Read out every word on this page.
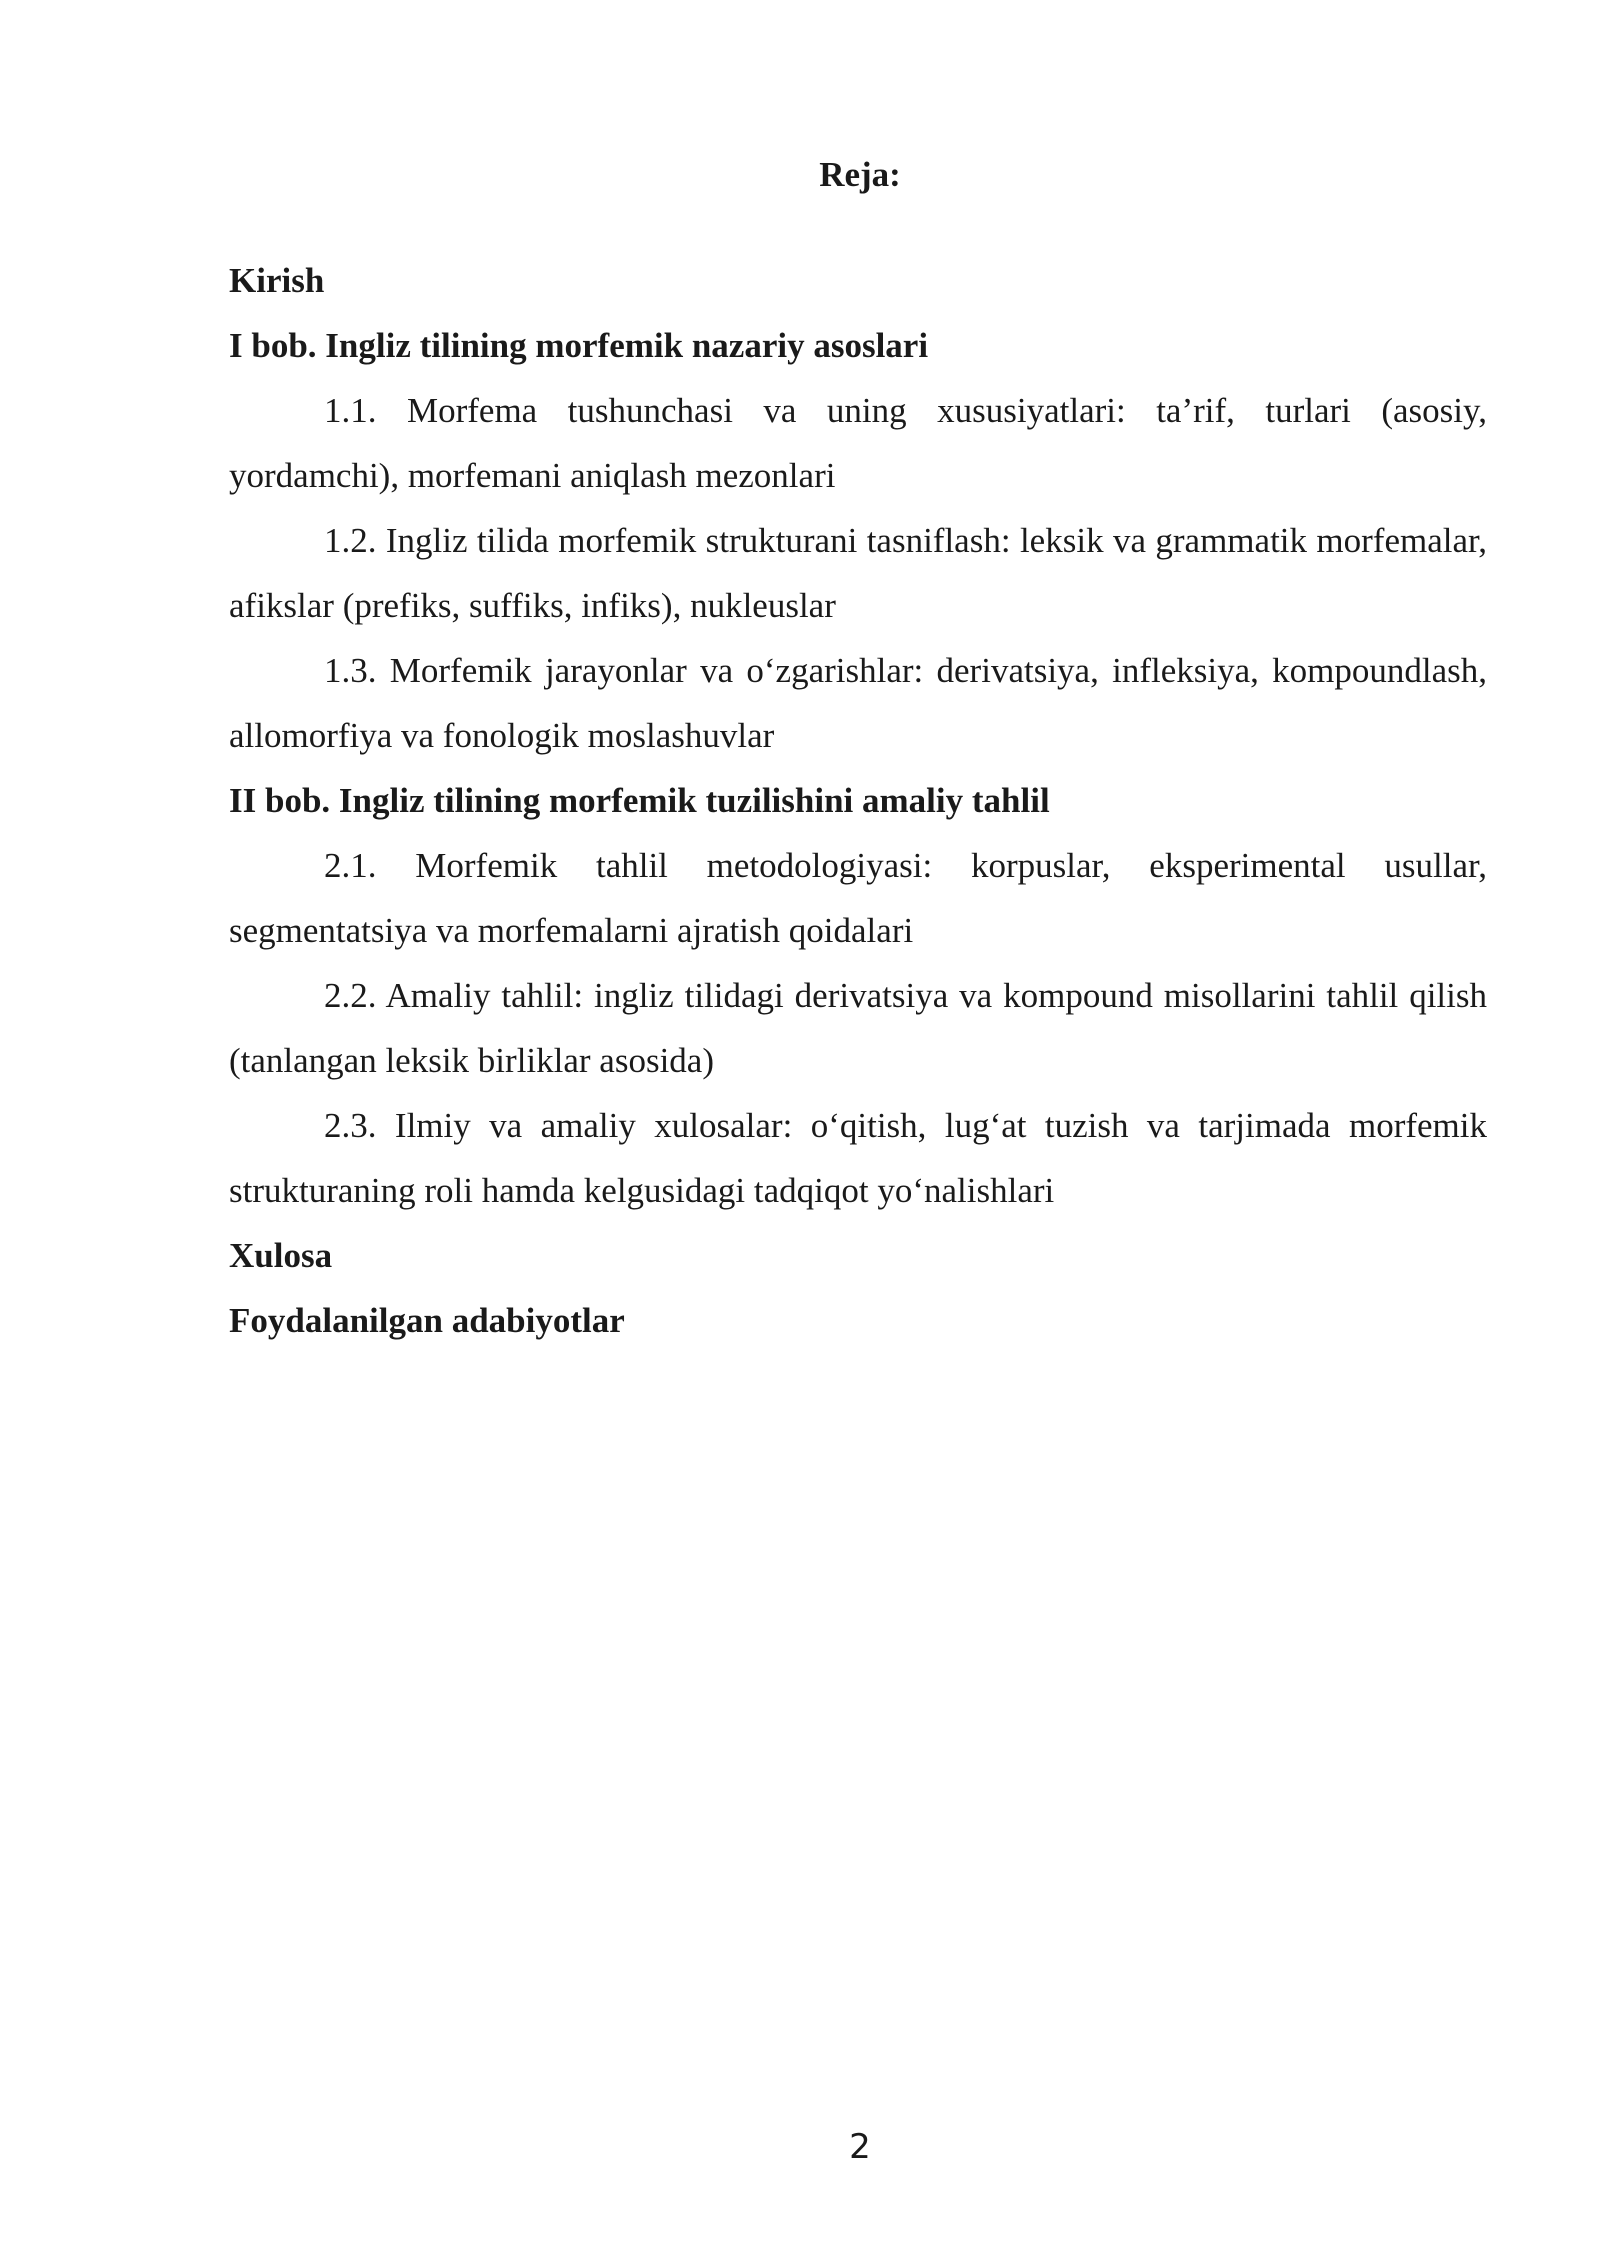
Reja:

Kirish

I bob. Ingliz tilining morfemik nazariy asoslari

1.1. Morfema tushunchasi va uning xususiyatlari: ta’rif, turlari (asosiy, yordamchi), morfemani aniqlash mezonlari

1.2. Ingliz tilida morfemik strukturani tasniflash: leksik va grammatik morfemalar, afikslar (prefiks, suffiks, infiks), nukleuslar

1.3. Morfemik jarayonlar va o‘zgarishlar: derivatsiya, infleksiya, kompoundlash, allomorfiya va fonologik moslashuvlar

II bob. Ingliz tilining morfemik tuzilishini amaliy tahlil

2.1. Morfemik tahlil metodologiyasi: korpuslar, eksperimental usullar, segmentatsiya va morfemalarni ajratish qoidalari

2.2. Amaliy tahlil: ingliz tilidagi derivatsiya va kompound misollarini tahlil qilish (tanlangan leksik birliklar asosida)

2.3. Ilmiy va amaliy xulosalar: o‘qitish, lug‘at tuzish va tarjimada morfemik strukturaning roli hamda kelgusidagi tadqiqot yo‘nalishlari

Xulosa

Foydalanilgan adabiyotlar

2
